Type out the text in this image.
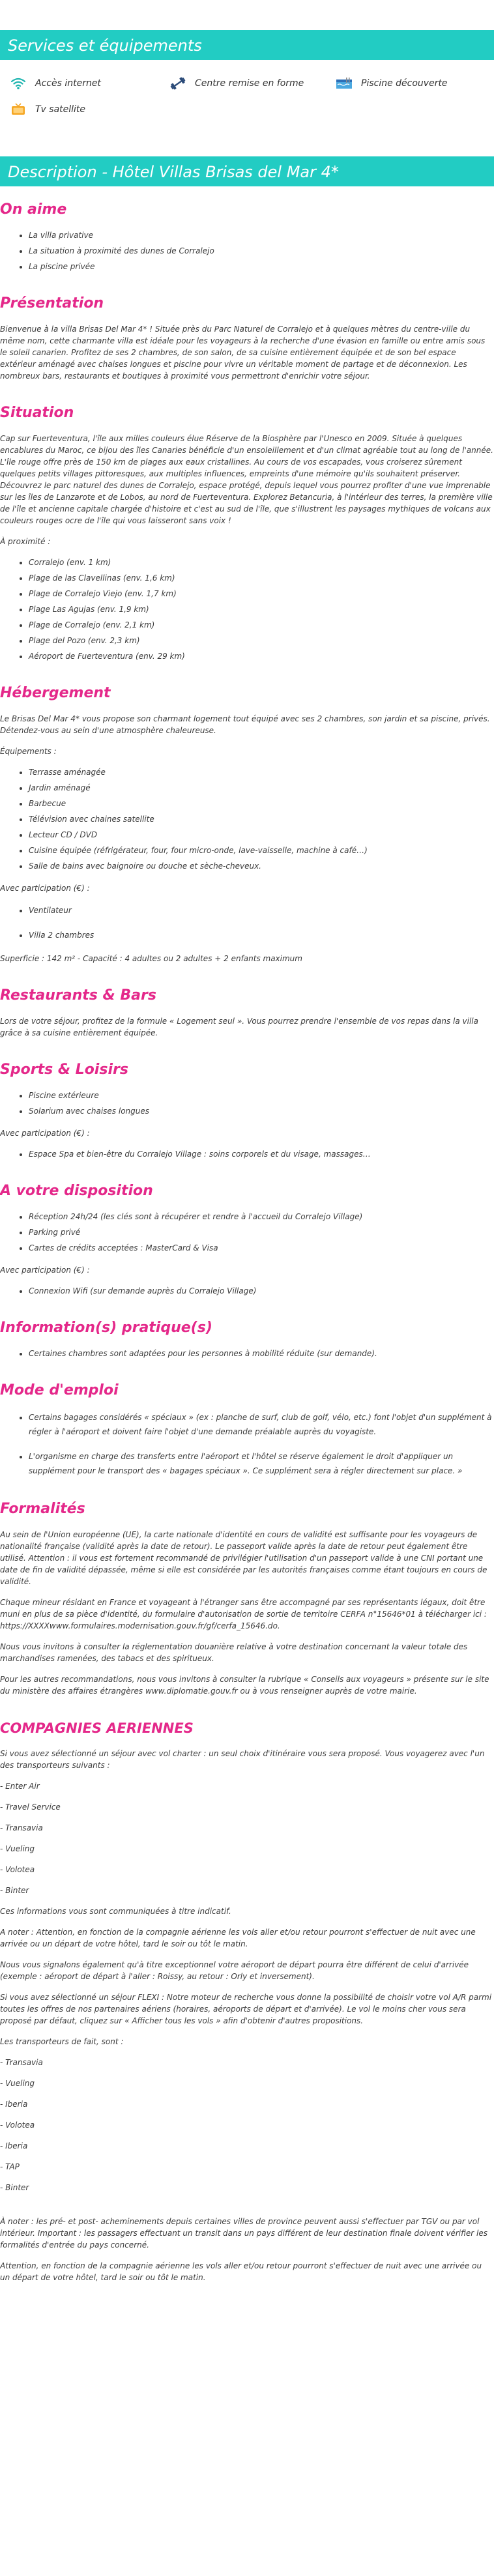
Services et équipements
Accès internet	Centre remise en forme	Piscine découverte
Tv satellite
Description - Hôtel Villas Brisas del Mar 4*
On aime
• La villa privative
• La situation à proximité des dunes de Corralejo
• La piscine privée
Présentation

Bienvenue à la villa Brisas Del Mar 4* ! Située près du Parc Naturel de Corralejo et à quelques mètres du centre-ville du même nom, cette charmante villa est idéale pour les voyageurs à la recherche d'une évasion en famille ou entre amis sous le soleil canarien. Profitez de ses 2 chambres, de son salon, de sa cuisine entièrement équipée et de son bel espace extérieur aménagé avec chaises longues et piscine pour vivre un véritable moment de partage et de déconnexion. Les nombreux bars, restaurants et boutiques à proximité vous permettront d'enrichir votre séjour.

Situation

Cap sur Fuerteventura, l'île aux milles couleurs élue Réserve de la Biosphère par l'Unesco en 2009. Située à quelques encablures du Maroc, ce bijou des îles Canaries bénéficie d'un ensoleillement et d'un climat agréable tout au long de l'année. L'île rouge offre près de 150 km de plages aux eaux cristallines. Au cours de vos escapades, vous croiserez sûrement quelques petits villages pittoresques, aux multiples influences, empreints d'une mémoire qu'ils souhaitent préserver. Découvrez le parc naturel des dunes de Corralejo, espace protégé, depuis lequel vous pourrez profiter d'une vue imprenable sur les îles de Lanzarote et de Lobos, au nord de Fuerteventura. Explorez Betancuria, à l'intérieur des terres, la première ville de l'île et ancienne capitale chargée d'histoire et c'est au sud de l'île, que s'illustrent les paysages mythiques de volcans aux couleurs rouges ocre de l'île qui vous laisseront sans voix !

À proximité :

• Corralejo (env. 1 km)
• Plage de las Clavellinas (env. 1,6 km)
• Plage de Corralejo Viejo (env. 1,7 km)
• Plage Las Agujas (env. 1,9 km)
• Plage de Corralejo (env. 2,1 km)
• Plage del Pozo (env. 2,3 km)
• Aéroport de Fuerteventura (env. 29 km)
Hébergement

Le Brisas Del Mar 4* vous propose son charmant logement tout équipé avec ses 2 chambres, son jardin et sa piscine, privés. Détendez-vous au sein d'une atmosphère chaleureuse.

Équipements :

• Terrasse aménagée
• Jardin aménagé
• Barbecue
• Télévision avec chaines satellite
• Lecteur CD / DVD
• Cuisine équipée (réfrigérateur, four, four micro-onde, lave-vaisselle, machine à café…)
• Salle de bains avec baignoire ou douche et sèche-cheveux.

Avec participation (€) :

• Ventilateur
• Villa 2 chambres

Superficie : 142 m² - Capacité : 4 adultes ou 2 adultes + 2 enfants maximum

Restaurants & Bars

Lors de votre séjour, profitez de la formule « Logement seul ». Vous pourrez prendre l'ensemble de vos repas dans la villa grâce à sa cuisine entièrement équipée.

Sports & Loisirs
• Piscine extérieure
• Solarium avec chaises longues

Avec participation (€) :

• Espace Spa et bien-être du Corralejo Village : soins corporels et du visage, massages…
A votre disposition
• Réception 24h/24 (les clés sont à récupérer et rendre à l'accueil du Corralejo Village)
• Parking privé
• Cartes de crédits acceptées : MasterCard & Visa

Avec participation (€) :

• Connexion Wifi (sur demande auprès du Corralejo Village)
Information(s) pratique(s)
• Certaines chambres sont adaptées pour les personnes à mobilité réduite (sur demande).
Mode d'emploi
• Certains bagages considérés « spéciaux » (ex : planche de surf, club de golf, vélo, etc.) font l'objet d'un supplément à régler à l'aéroport et doivent faire l'objet d'une demande préalable auprès du voyagiste.
• L'organisme en charge des transferts entre l'aéroport et l'hôtel se réserve également le droit d'appliquer un supplément pour le transport des « bagages spéciaux ». Ce supplément sera à régler directement sur place. »
Formalités

Au sein de l'Union européenne (UE), la carte nationale d'identité en cours de validité est suffisante pour les voyageurs de nationalité française (validité après la date de retour). Le passeport valide après la date de retour peut également être utilisé. Attention : il vous est fortement recommandé de privilégier l'utilisation d'un passeport valide à une CNI portant une date de fin de validité dépassée, même si elle est considérée par les autorités françaises comme étant toujours en cours de validité.

Chaque mineur résidant en France et voyageant à l'étranger sans être accompagné par ses représentants légaux, doit être muni en plus de sa pièce d'identité, du formulaire d'autorisation de sortie de territoire CERFA n°15646*01 à télécharger ici : https://XXXXwww.formulaires.modernisation.gouv.fr/gf/cerfa_15646.do.

Nous vous invitons à consulter la réglementation douanière relative à votre destination concernant la valeur totale des marchandises ramenées, des tabacs et des spiritueux.

Pour les autres recommandations, nous vous invitons à consulter la rubrique « Conseils aux voyageurs » présente sur le site du ministère des affaires étrangères www.diplomatie.gouv.fr ou à vous renseigner auprès de votre mairie.

COMPAGNIES AERIENNES

Si vous avez sélectionné un séjour avec vol charter : un seul choix d'itinéraire vous sera proposé. Vous voyagerez avec l'un des transporteurs suivants :

- Enter Air

- Travel Service

- Transavia

- Vueling

- Volotea

- Binter

Ces informations vous sont communiquées à titre indicatif.

A noter : Attention, en fonction de la compagnie aérienne les vols aller et/ou retour pourront s'effectuer de nuit avec une arrivée ou un départ de votre hôtel, tard le soir ou tôt le matin.

Nous vous signalons également qu'à titre exceptionnel votre aéroport de départ pourra être différent de celui d'arrivée (exemple : aéroport de départ à l'aller : Roissy, au retour : Orly et inversement).

Si vous avez sélectionné un séjour FLEXI : Notre moteur de recherche vous donne la possibilité de choisir votre vol A/R parmi toutes les offres de nos partenaires aériens (horaires, aéroports de départ et d'arrivée). Le vol le moins cher vous sera proposé par défaut, cliquez sur « Afficher tous les vols » afin d'obtenir d'autres propositions.

Les transporteurs de fait, sont :

- Transavia

- Vueling

- Iberia

- Volotea

- Iberia

- TAP

- Binter

À noter : les pré- et post- acheminements depuis certaines villes de province peuvent aussi s'effectuer par TGV ou par vol intérieur. Important : les passagers effectuant un transit dans un pays différent de leur destination finale doivent vérifier les formalités d'entrée du pays concerné.

Attention, en fonction de la compagnie aérienne les vols aller et/ou retour pourront s'effectuer de nuit avec une arrivée ou un départ de votre hôtel, tard le soir ou tôt le matin.
